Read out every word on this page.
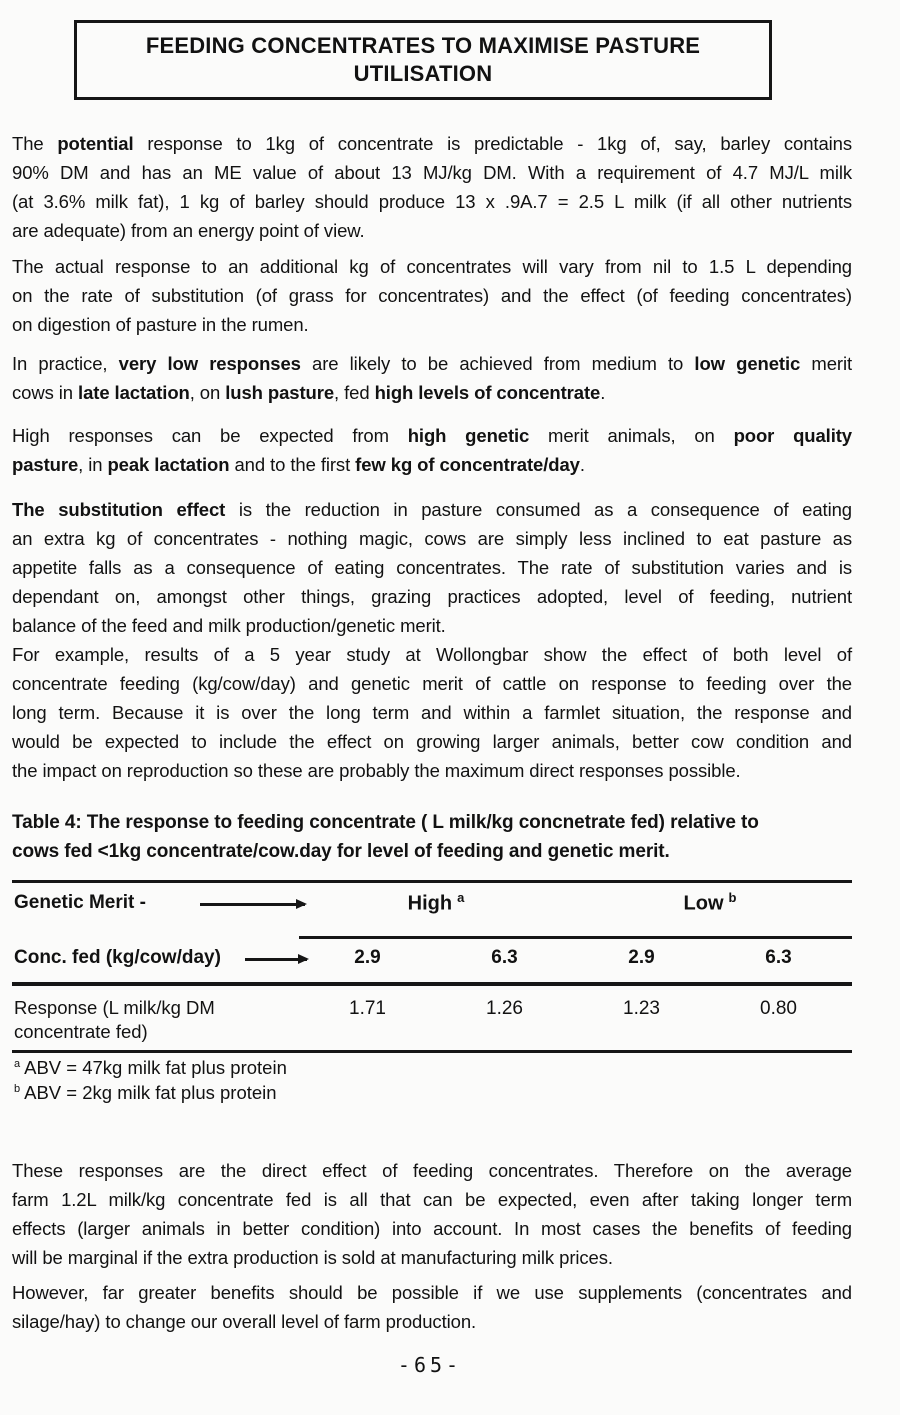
FEEDING CONCENTRATES TO MAXIMISE PASTURE
UTILISATION
The potential response to 1kg of concentrate is predictable - 1kg of, say, barley contains
90% DM and has an ME value of about 13 MJ/kg DM. With a requirement of 4.7 MJ/L milk
(at 3.6% milk fat), 1 kg of barley should produce 13 x .9A.7 = 2.5 L milk (if all other nutrients
are adequate) from an energy point of view.
The actual response to an additional kg of concentrates will vary from nil to 1.5 L depending
on the rate of substitution (of grass for concentrates) and the effect (of feeding concentrates)
on digestion of pasture in the rumen.
In practice, very low responses are likely to be achieved from medium to low genetic merit
cows in late lactation, on lush pasture, fed high levels of concentrate.
High responses can be expected from high genetic merit animals, on poor quality
pasture, in peak lactation and to the first few kg of concentrate/day.
The substitution effect is the reduction in pasture consumed as a consequence of eating
an extra kg of concentrates - nothing magic, cows are simply less inclined to eat pasture as
appetite falls as a consequence of eating concentrates. The rate of substitution varies and is
dependant on, amongst other things, grazing practices adopted, level of feeding, nutrient
balance of the feed and milk production/genetic merit.
For example, results of a 5 year study at Wollongbar show the effect of both level of
concentrate feeding (kg/cow/day) and genetic merit of cattle on response to feeding over the
long term. Because it is over the long term and within a farmlet situation, the response and
would be expected to include the effect on growing larger animals, better cow condition and
the impact on reproduction so these are probably the maximum direct responses possible.
Table 4: The response to feeding concentrate ( L milk/kg concnetrate fed) relative to
cows fed <1kg concentrate/cow.day for level of feeding and genetic merit.
Genetic Merit -	High $^a$	Low $^b$
Conc. fed (kg/cow/day)	2.9	6.3	2.9	6.3
Response (L milk/kg DM
concentrate fed)
1.71	1.26	1.23	0.80
$^a$ ABV = 47kg milk fat plus protein
$^b$ ABV = 2kg milk fat plus protein
These responses are the direct effect of feeding concentrates. Therefore on the average
farm 1.2L milk/kg concentrate fed is all that can be expected, even after taking longer term
effects (larger animals in better condition) into account. In most cases the benefits of feeding
will be marginal if the extra production is sold at manufacturing milk prices.
However, far greater benefits should be possible if we use supplements (concentrates and
silage/hay) to change our overall level of farm production.
-65-
